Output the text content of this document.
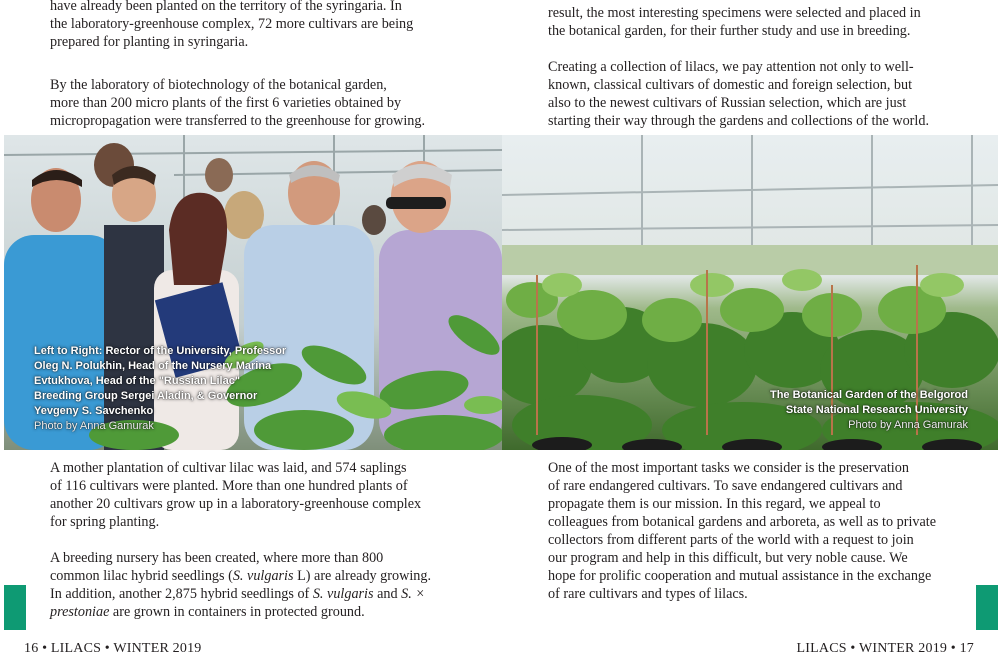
have already been planted on the territory of the syringaria. In
the laboratory-greenhouse complex, 72 more cultivars are being
prepared for planting in syringaria.
By the laboratory of biotechnology of the botanical garden,
more than 200 micro plants of the first 6 varieties obtained by
micropropagation were transferred to the greenhouse for growing.
result, the most interesting specimens were selected and placed in
the botanical garden, for their further study and use in breeding.
Creating a collection of lilacs, we pay attention not only to well-
known, classical cultivars of domestic and foreign selection, but
also to the newest cultivars of Russian selection, which are just
starting their way through the gardens and collections of the world.
Left to Right: Rector of the University, Professor
Oleg N. Polukhin, Head of the Nursery Marina
Evtukhova, Head of the "Russian Lilac"
Breeding Group Sergei Aladin, & Governor
Yevgeny S. Savchenko
Photo by Anna Gamurak
The Botanical Garden of the Belgorod
State National Research University
Photo by Anna Gamurak
A mother plantation of cultivar lilac was laid, and 574 saplings
of 116 cultivars were planted. More than one hundred plants of
another 20 cultivars grow up in a laboratory-greenhouse complex
for spring planting.
A breeding nursery has been created, where more than 800
common lilac hybrid seedlings (S. vulgaris L) are already growing.
In addition, another 2,875 hybrid seedlings of S. vulgaris and S. ×
prestoniae are grown in containers in protected ground.
One of the most important tasks we consider is the preservation
of rare endangered cultivars. To save endangered cultivars and
propagate them is our mission. In this regard, we appeal to
colleagues from botanical gardens and arboreta, as well as to private
collectors from different parts of the world with a request to join
our program and help in this difficult, but very noble cause. We
hope for prolific cooperation and mutual assistance in the exchange
of rare cultivars and types of lilacs.
16 • LILACS • WINTER 2019	LILACS • WINTER 2019 • 17
